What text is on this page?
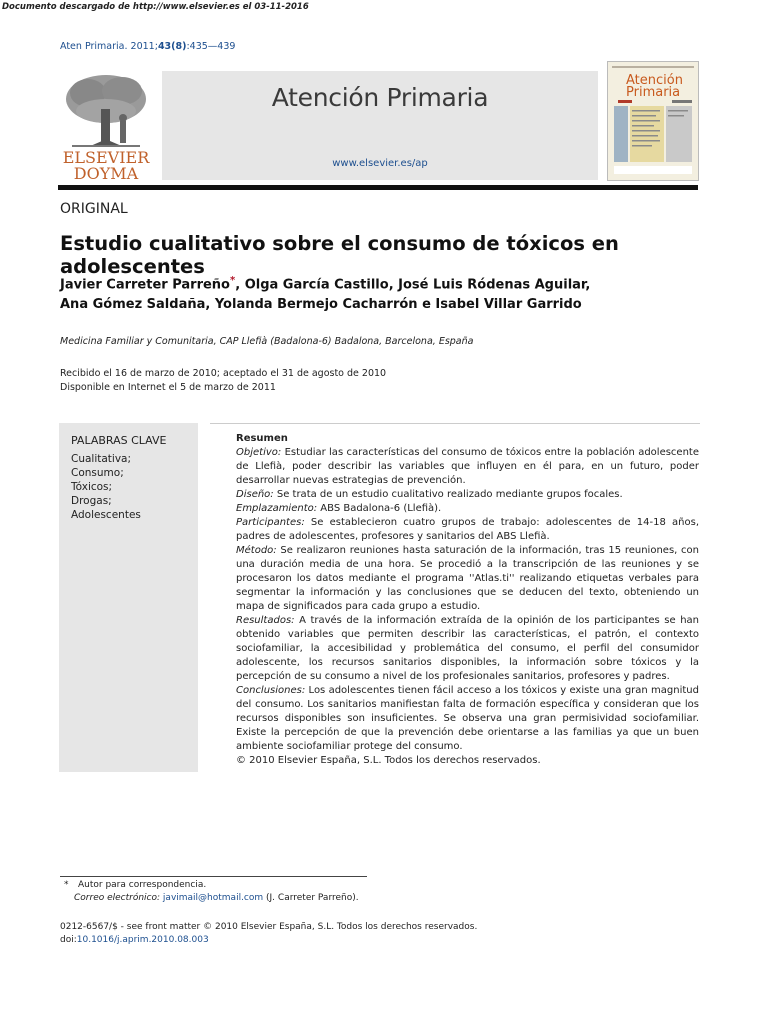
Documento descargado de http://www.elsevier.es el 03-11-2016
Aten Primaria. 2011;43(8):435—439
ELSEVIER
DOYMA
Atención Primaria
www.elsevier.es/ap
Atención
Primaria
ORIGINAL
Estudio cualitativo sobre el consumo de tóxicos en adolescentes
Javier Carreter Parreño*, Olga García Castillo, José Luis Ródenas Aguilar,
Ana Gómez Saldaña, Yolanda Bermejo Cacharrón e Isabel Villar Garrido
Medicina Familiar y Comunitaria, CAP Llefià (Badalona-6) Badalona, Barcelona, España
Recibido el 16 de marzo de 2010; aceptado el 31 de agosto de 2010
Disponible en Internet el 5 de marzo de 2011
PALABRAS CLAVE
Cualitativa;
Consumo;
Tóxicos;
Drogas;
Adolescentes
Resumen
Objetivo: Estudiar las características del consumo de tóxicos entre la población adolescente de Llefià, poder describir las variables que influyen en él para, en un futuro, poder desarrollar nuevas estrategias de prevención.
Diseño: Se trata de un estudio cualitativo realizado mediante grupos focales.
Emplazamiento: ABS Badalona-6 (Llefià).
Participantes: Se establecieron cuatro grupos de trabajo: adolescentes de 14-18 años, padres de adolescentes, profesores y sanitarios del ABS Llefià.
Método: Se realizaron reuniones hasta saturación de la información, tras 15 reuniones, con una duración media de una hora. Se procedió a la transcripción de las reuniones y se procesaron los datos mediante el programa ''Atlas.ti'' realizando etiquetas verbales para segmentar la información y las conclusiones que se deducen del texto, obteniendo un mapa de significados para cada grupo a estudio.
Resultados: A través de la información extraída de la opinión de los participantes se han obtenido variables que permiten describir las características, el patrón, el contexto sociofamiliar, la accesibilidad y problemática del consumo, el perfil del consumidor adolescente, los recursos sanitarios disponibles, la información sobre tóxicos y la percepción de su consumo a nivel de los profesionales sanitarios, profesores y padres.
Conclusiones: Los adolescentes tienen fácil acceso a los tóxicos y existe una gran magnitud del consumo. Los sanitarios manifiestan falta de formación específica y consideran que los recursos disponibles son insuficientes. Se observa una gran permisividad sociofamiliar. Existe la percepción de que la prevención debe orientarse a las familias ya que un buen ambiente sociofamiliar protege del consumo.
© 2010 Elsevier España, S.L. Todos los derechos reservados.
* Autor para correspondencia.
Correo electrónico: javimail@hotmail.com (J. Carreter Parreño).
0212-6567/$ - see front matter © 2010 Elsevier España, S.L. Todos los derechos reservados.
doi:10.1016/j.aprim.2010.08.003
